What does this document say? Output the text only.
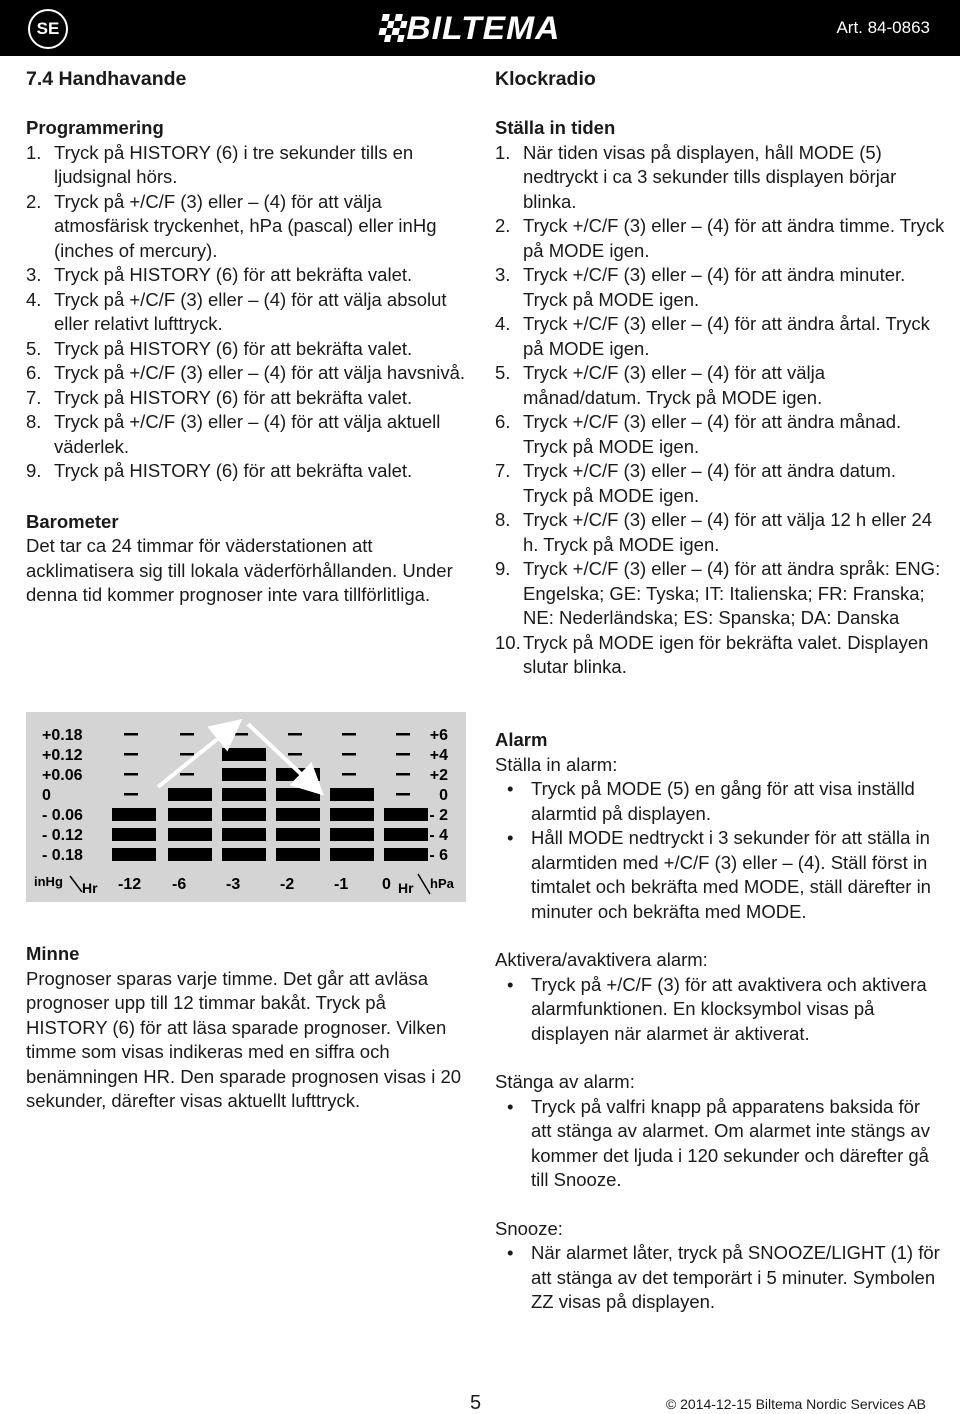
SE	BILTEMA	Art. 84-0863
7.4 Handhavande
Programmering
1. Tryck på HISTORY (6) i tre sekunder tills en ljudsignal hörs.
2. Tryck på +/C/F (3) eller – (4) för att välja atmosfärisk tryckenhet, hPa (pascal) eller inHg (inches of mercury).
3. Tryck på HISTORY (6) för att bekräfta valet.
4. Tryck på +/C/F (3) eller – (4) för att välja absolut eller relativt lufttryck.
5. Tryck på HISTORY (6) för att bekräfta valet.
6. Tryck på +/C/F (3) eller – (4) för att välja havsnivå.
7. Tryck på HISTORY (6) för att bekräfta valet.
8. Tryck på +/C/F (3) eller – (4) för att välja aktuell väderlek.
9. Tryck på HISTORY (6) för att bekräfta valet.
Barometer
Det tar ca 24 timmar för väderstationen att acklimatisera sig till lokala väderförhållanden. Under denna tid kommer prognoser inte vara tillförlitliga.
+0.18
+0.12
+0.06
0
- 0.06
- 0.12
- 0.18
+6
+4
+2
0
- 2
- 4
- 6
-12 -6 -3 -2 -1 0
inHg Hr	Hr hPa
Minne
Prognoser sparas varje timme. Det går att avläsa prognoser upp till 12 timmar bakåt. Tryck på HISTORY (6) för att läsa sparade prognoser. Vilken timme som visas indikeras med en siffra och benämningen HR. Den sparade prognosen visas i 20 sekunder, därefter visas aktuellt lufttryck.
Klockradio
Ställa in tiden
1. När tiden visas på displayen, håll MODE (5) nedtryckt i ca 3 sekunder tills displayen börjar blinka.
2. Tryck +/C/F (3) eller – (4) för att ändra timme. Tryck på MODE igen.
3. Tryck +/C/F (3) eller – (4) för att ändra minuter. Tryck på MODE igen.
4. Tryck +/C/F (3) eller – (4) för att ändra årtal. Tryck på MODE igen.
5. Tryck +/C/F (3) eller – (4) för att välja månad/datum. Tryck på MODE igen.
6. Tryck +/C/F (3) eller – (4) för att ändra månad. Tryck på MODE igen.
7. Tryck +/C/F (3) eller – (4) för att ändra datum. Tryck på MODE igen.
8. Tryck +/C/F (3) eller – (4) för att välja 12 h eller 24 h. Tryck på MODE igen.
9. Tryck +/C/F (3) eller – (4) för att ändra språk: ENG: Engelska; GE: Tyska; IT: Italienska; FR: Franska; NE: Nederländska; ES: Spanska; DA: Danska
10. Tryck på MODE igen för bekräfta valet. Displayen slutar blinka.
Alarm
Ställa in alarm:
• Tryck på MODE (5) en gång för att visa inställd alarmtid på displayen.
• Håll MODE nedtryckt i 3 sekunder för att ställa in alarmtiden med +/C/F (3) eller – (4). Ställ först in timtalet och bekräfta med MODE, ställ därefter in minuter och bekräfta med MODE.
Aktivera/avaktivera alarm:
• Tryck på +/C/F (3) för att avaktivera och aktivera alarmfunktionen. En klocksymbol visas på displayen när alarmet är aktiverat.
Stänga av alarm:
• Tryck på valfri knapp på apparatens baksida för att stänga av alarmet. Om alarmet inte stängs av kommer det ljuda i 120 sekunder och därefter gå till Snooze.
Snooze:
• När alarmet låter, tryck på SNOOZE/LIGHT (1) för att stänga av det temporärt i 5 minuter. Symbolen ZZ visas på displayen.
5	© 2014-12-15 Biltema Nordic Services AB
